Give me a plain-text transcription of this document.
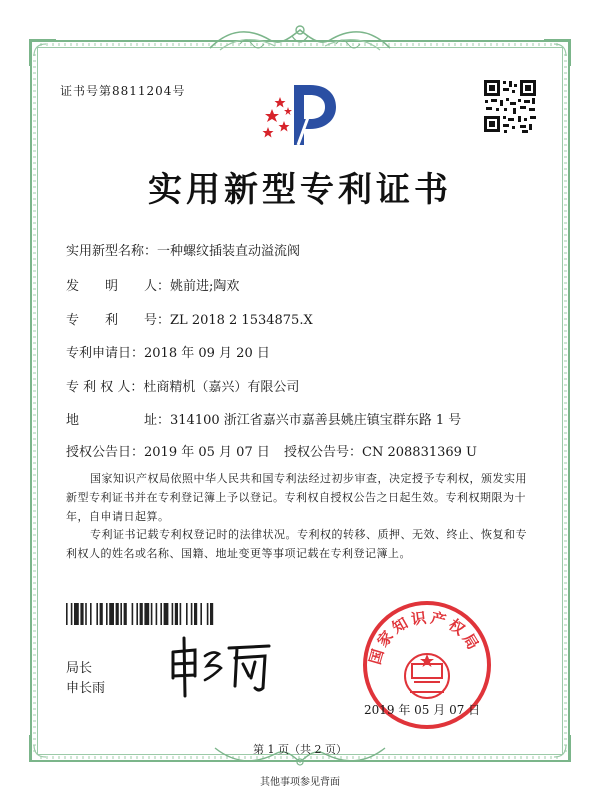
证书号第8811204号
实用新型专利证书
实用新型名称：一种螺纹插装直动溢流阀
发　　明　　人：姚前进;陶欢
专　　利　　号：ZL 2018 2 1534875.X
专利申请日：2018 年 09 月 20 日
专 利 权 人：杜商精机（嘉兴）有限公司
地　　　　　址：314100 浙江省嘉兴市嘉善县姚庄镇宝群东路 1 号
授权公告日：2019 年 05 月 07 日 授权公告号：CN 208831369 U
国家知识产权局依照中华人民共和国专利法经过初步审查，决定授予专利权，颁发实用新型专利证书并在专利登记簿上予以登记。专利权自授权公告之日起生效。专利权期限为十年，自申请日起算。
专利证书记载专利权登记时的法律状况。专利权的转移、质押、无效、终止、恢复和专利权人的姓名或名称、国籍、地址变更等事项记载在专利登记簿上。
局长
申长雨
国家知识产权局
2019 年 05 月 07 日
第 1 页（共 2 页）
其他事项参见背面
